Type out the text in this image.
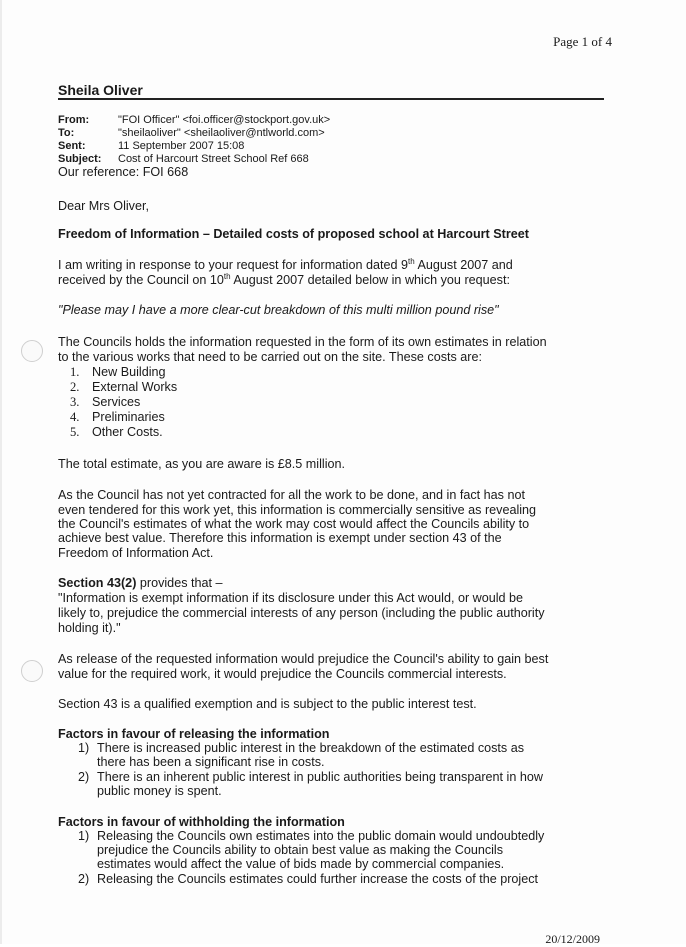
Page 1 of 4
Sheila Oliver
From:	"FOI Officer" <foi.officer@stockport.gov.uk>
To:	"sheilaoliver" <sheilaoliver@ntlworld.com>
Sent:	11 September 2007 15:08
Subject: Cost of Harcourt Street School Ref 668
Our reference: FOI 668
Dear Mrs Oliver,
Freedom of Information – Detailed costs of proposed school at Harcourt Street
I am writing in response to your request for information dated 9th August 2007 and
received by the Council on 10th August 2007 detailed below in which you request:
"Please may I have a more clear-cut breakdown of this multi million pound rise"
The Councils holds the information requested in the form of its own estimates in relation
to the various works that need to be carried out on the site. These costs are:
1. New Building
2. External Works
3. Services
4. Preliminaries
5. Other Costs.
The total estimate, as you are aware is £8.5 million.
As the Council has not yet contracted for all the work to be done, and in fact has not
even tendered for this work yet, this information is commercially sensitive as revealing
the Council's estimates of what the work may cost would affect the Councils ability to
achieve best value. Therefore this information is exempt under section 43 of the
Freedom of Information Act.
Section 43(2) provides that –
"Information is exempt information if its disclosure under this Act would, or would be
likely to, prejudice the commercial interests of any person (including the public authority
holding it)."
As release of the requested information would prejudice the Council's ability to gain best
value for the required work, it would prejudice the Councils commercial interests.
Section 43 is a qualified exemption and is subject to the public interest test.
Factors in favour of releasing the information
1) There is increased public interest in the breakdown of the estimated costs as
there has been a significant rise in costs.
2) There is an inherent public interest in public authorities being transparent in how
public money is spent.
Factors in favour of withholding the information
1) Releasing the Councils own estimates into the public domain would undoubtedly
prejudice the Councils ability to obtain best value as making the Councils
estimates would affect the value of bids made by commercial companies.
2) Releasing the Councils estimates could further increase the costs of the project
20/12/2009
